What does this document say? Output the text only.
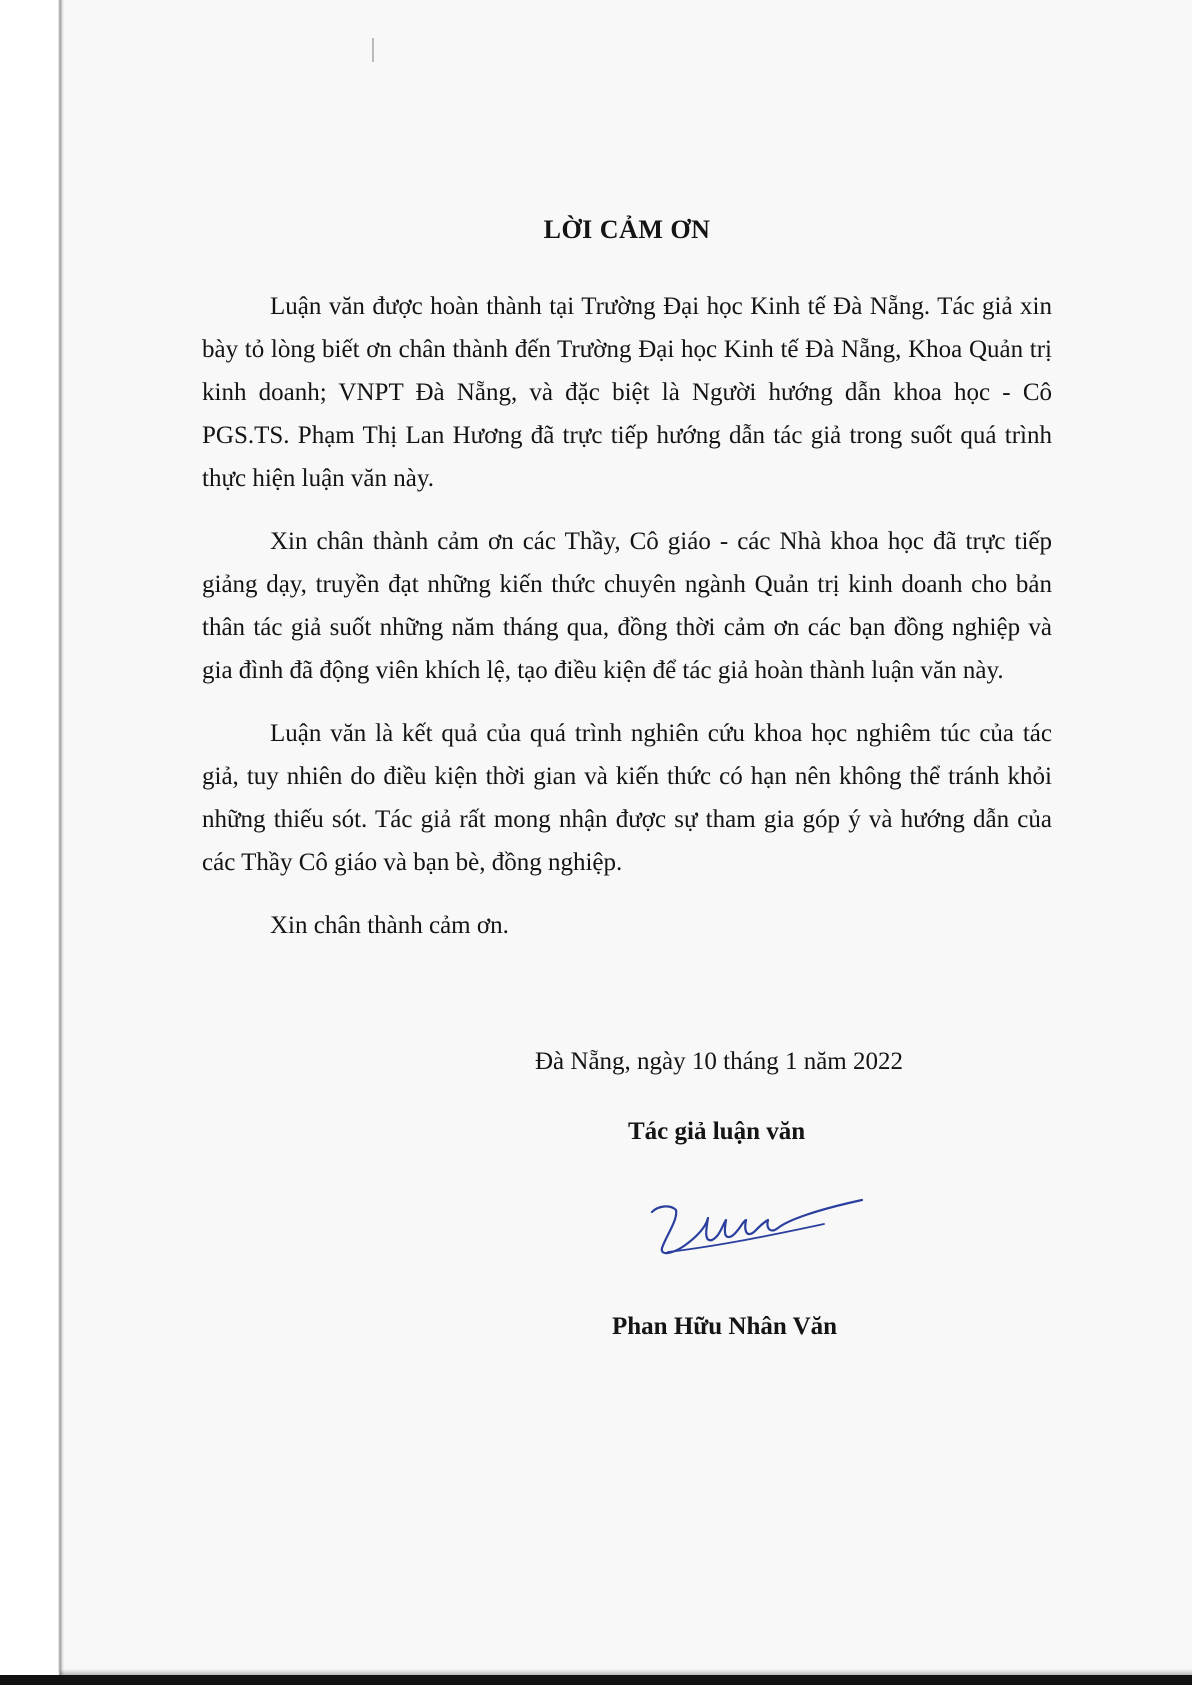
LỜI CẢM ƠN

Luận văn được hoàn thành tại Trường Đại học Kinh tế Đà Nẵng. Tác giả xin bày tỏ lòng biết ơn chân thành đến Trường Đại học Kinh tế Đà Nẵng, Khoa Quản trị kinh doanh; VNPT Đà Nẵng, và đặc biệt là Người hướng dẫn khoa học - Cô PGS.TS. Phạm Thị Lan Hương đã trực tiếp hướng dẫn tác giả trong suốt quá trình thực hiện luận văn này.

Xin chân thành cảm ơn các Thầy, Cô giáo - các Nhà khoa học đã trực tiếp giảng dạy, truyền đạt những kiến thức chuyên ngành Quản trị kinh doanh cho bản thân tác giả suốt những năm tháng qua, đồng thời cảm ơn các bạn đồng nghiệp và gia đình đã động viên khích lệ, tạo điều kiện để tác giả hoàn thành luận văn này.

Luận văn là kết quả của quá trình nghiên cứu khoa học nghiêm túc của tác giả, tuy nhiên do điều kiện thời gian và kiến thức có hạn nên không thể tránh khỏi những thiếu sót. Tác giả rất mong nhận được sự tham gia góp ý và hướng dẫn của các Thầy Cô giáo và bạn bè, đồng nghiệp.

Xin chân thành cảm ơn.

Đà Nẵng, ngày 10 tháng 1 năm 2022
Tác giả luận văn
Phan Hữu Nhân Văn
